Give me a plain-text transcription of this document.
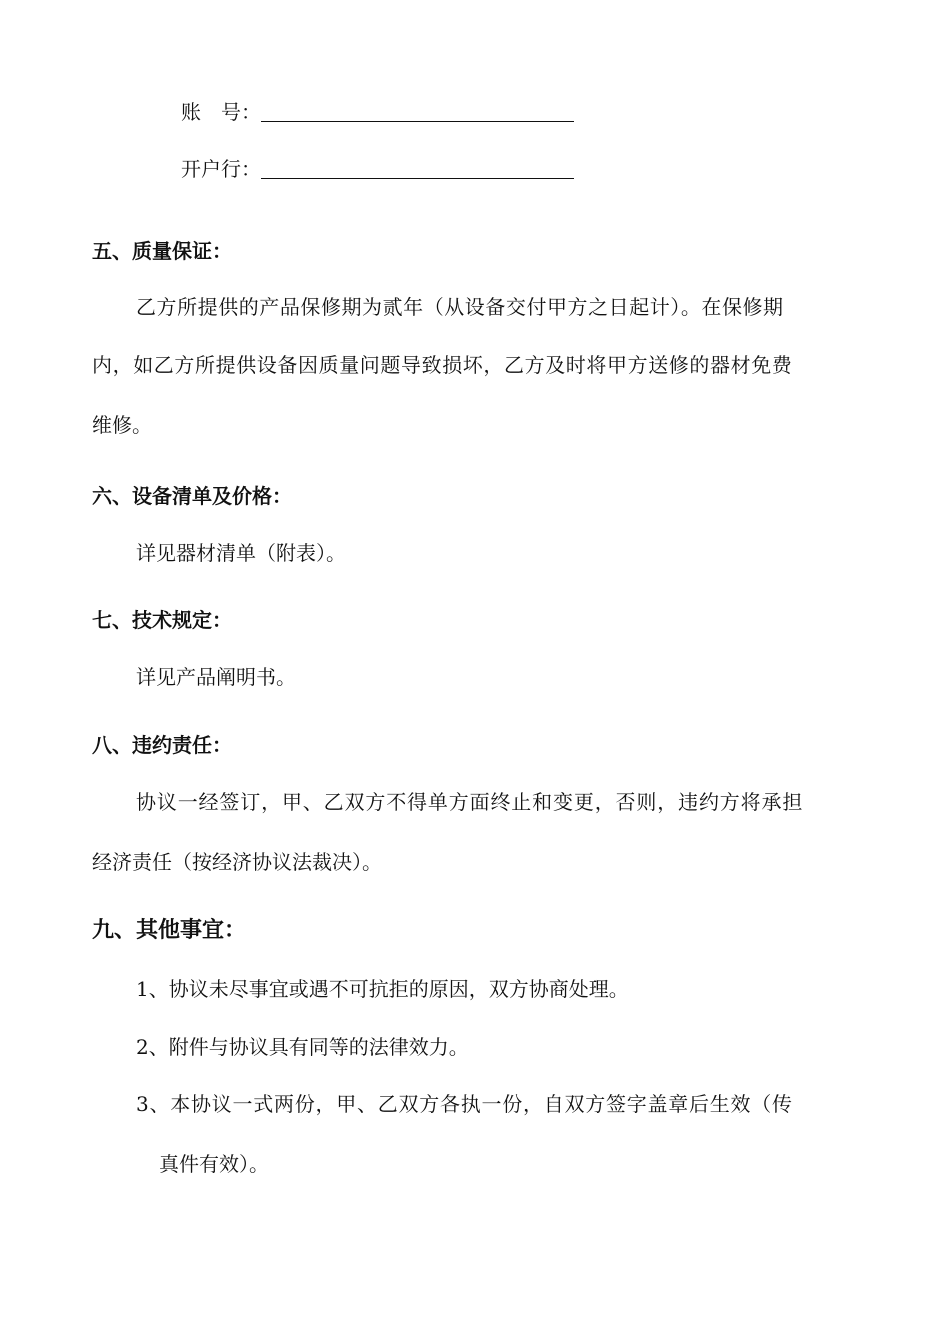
账　号：
开户行：
五、质量保证：
乙方所提供的产品保修期为贰年（从设备交付甲方之日起计）。在保修期
内，如乙方所提供设备因质量问题导致损坏，乙方及时将甲方送修的器材免费
维修。
六、设备清单及价格：
详见器材清单（附表）。
七、技术规定：
详见产品阐明书。
八、违约责任：
协议一经签订，甲、乙双方不得单方面终止和变更，否则，违约方将承担
经济责任（按经济协议法裁决）。
九、其他事宜：
1、协议未尽事宜或遇不可抗拒的原因，双方协商处理。
2、附件与协议具有同等的法律效力。
3、本协议一式两份，甲、乙双方各执一份，自双方签字盖章后生效（传
真件有效）。
